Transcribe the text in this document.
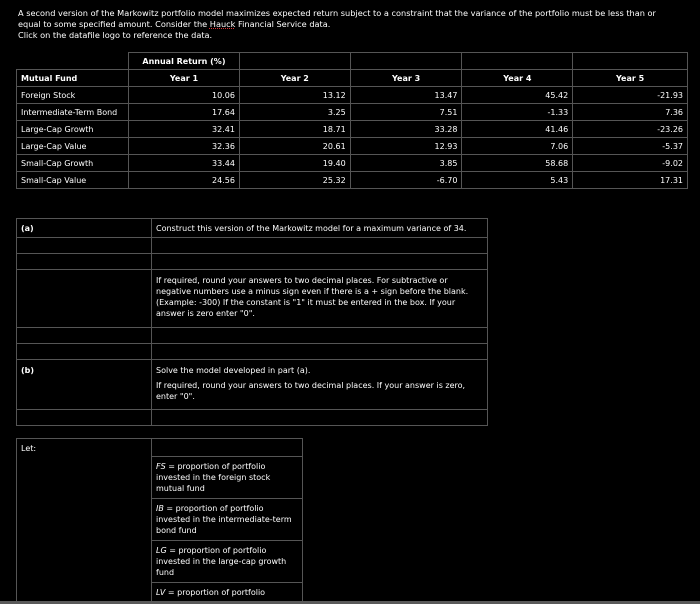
A second version of the Markowitz portfolio model maximizes expected return subject to a constraint that the variance of the portfolio must be less than or
equal to some specified amount. Consider the Hauck Financial Service data.
Click on the datafile logo to reference the data.
	Annual Return (%)				
Mutual Fund	Year 1	Year 2	Year 3	Year 4	Year 5
Foreign Stock	10.06	13.12	13.47	45.42	-21.93
Intermediate-Term Bond	17.64	3.25	7.51	-1.33	7.36
Large-Cap Growth	32.41	18.71	33.28	41.46	-23.26
Large-Cap Value	32.36	20.61	12.93	7.06	-5.37
Small-Cap Growth	33.44	19.40	3.85	58.68	-9.02
Small-Cap Value	24.56	25.32	-6.70	5.43	17.31
(a)	Construct this version of the Markowitz model for a maximum variance of 34.
If required, round your answers to two decimal places. For subtractive or
negative numbers use a minus sign even if there is a + sign before the blank.
(Example: -300) If the constant is "1" it must be entered in the box. If your
answer is zero enter "0".
(b)	Solve the model developed in part (a).
If required, round your answers to two decimal places. If your answer is zero,
enter "0".
Let:
FS = proportion of portfolio
invested in the foreign stock
mutual fund
IB = proportion of portfolio
invested in the intermediate-term
bond fund
LG = proportion of portfolio
invested in the large-cap growth
fund
LV = proportion of portfolio
